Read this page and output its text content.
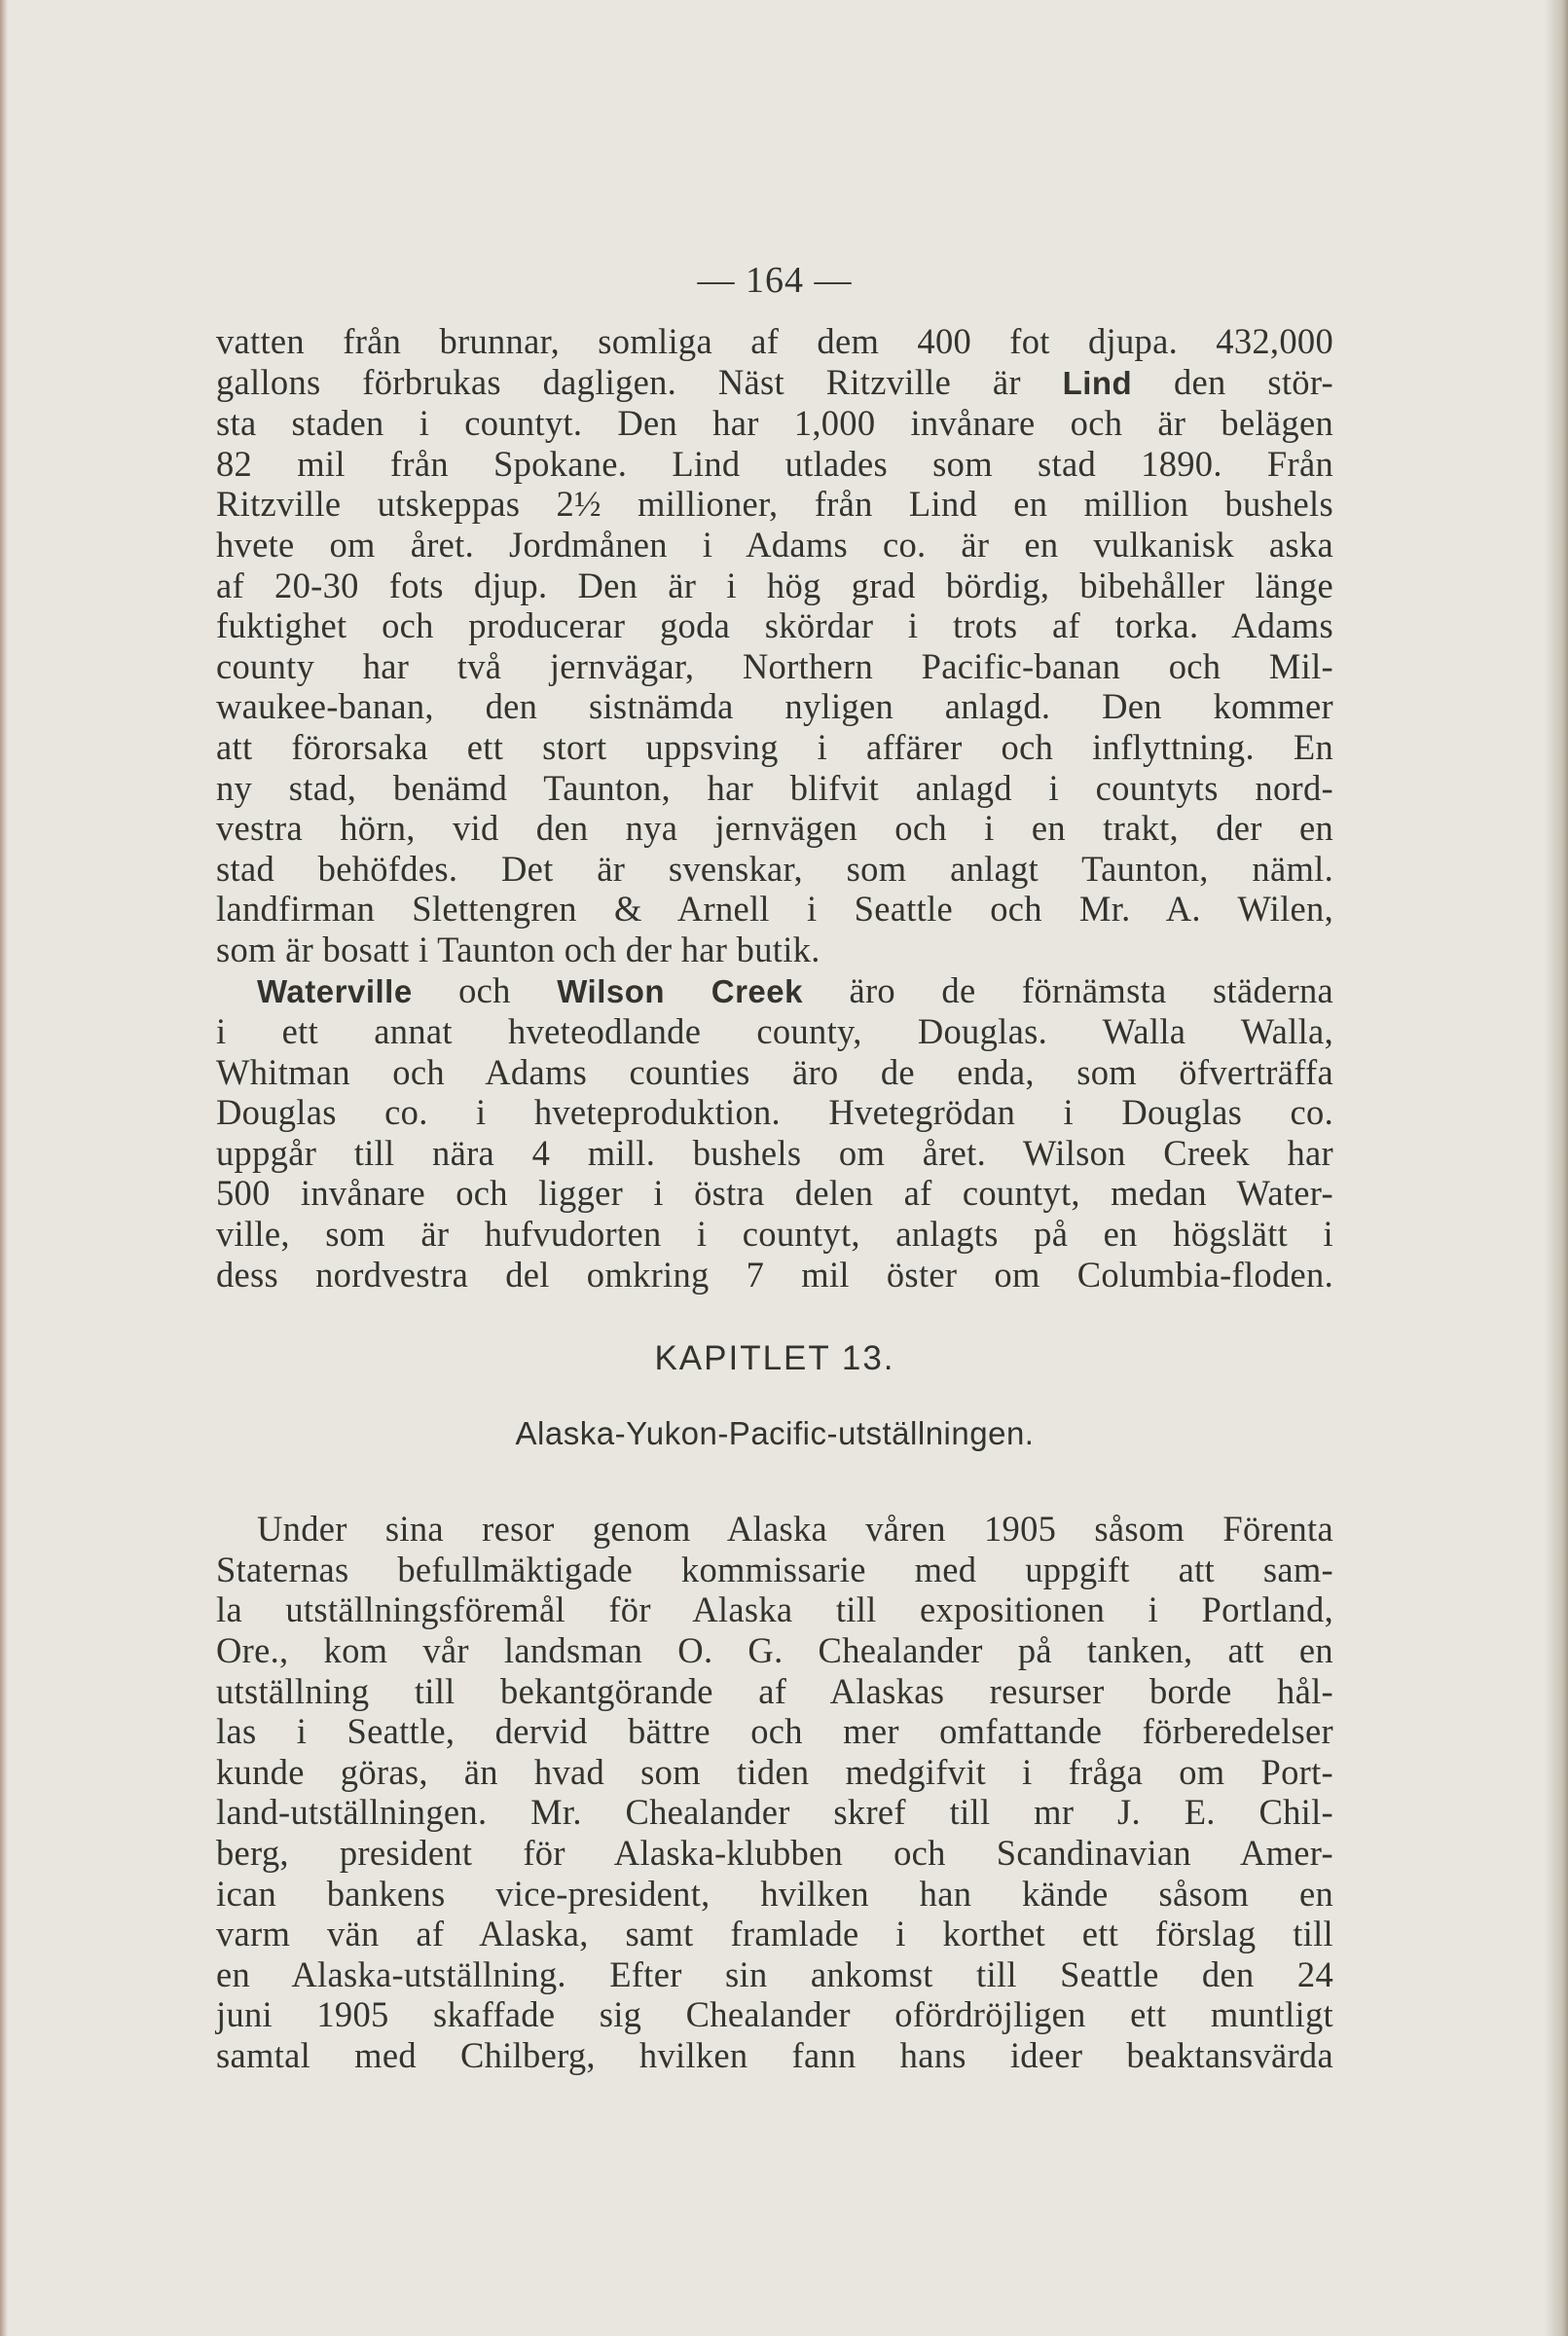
— 164 —
vatten från brunnar, somliga af dem 400 fot djupa. 432,000
gallons förbrukas dagligen. Näst Ritzville är Lind den stör-
sta staden i countyt. Den har 1,000 invånare och är belägen
82 mil från Spokane. Lind utlades som stad 1890. Från
Ritzville utskeppas 2½ millioner, från Lind en million bushels
hvete om året. Jordmånen i Adams co. är en vulkanisk aska
af 20-30 fots djup. Den är i hög grad bördig, bibehåller länge
fuktighet och producerar goda skördar i trots af torka. Adams
county har två jernvägar, Northern Pacific-banan och Mil-
waukee-banan, den sistnämda nyligen anlagd. Den kommer
att förorsaka ett stort uppsving i affärer och inflyttning. En
ny stad, benämd Taunton, har blifvit anlagd i countyts nord-
vestra hörn, vid den nya jernvägen och i en trakt, der en
stad behöfdes. Det är svenskar, som anlagt Taunton, näml.
landfirman Slettengren & Arnell i Seattle och Mr. A. Wilen,
som är bosatt i Taunton och der har butik.
Waterville och Wilson Creek äro de förnämsta städerna
i ett annat hveteodlande county, Douglas. Walla Walla,
Whitman och Adams counties äro de enda, som öfverträffa
Douglas co. i hveteproduktion. Hvetegrödan i Douglas co.
uppgår till nära 4 mill. bushels om året. Wilson Creek har
500 invånare och ligger i östra delen af countyt, medan Water-
ville, som är hufvudorten i countyt, anlagts på en högslätt i
dess nordvestra del omkring 7 mil öster om Columbia-floden.
KAPITLET 13.
Alaska-Yukon-Pacific-utställningen.
Under sina resor genom Alaska våren 1905 såsom Förenta
Staternas befullmäktigade kommissarie med uppgift att sam-
la utställningsföremål för Alaska till expositionen i Portland,
Ore., kom vår landsman O. G. Chealander på tanken, att en
utställning till bekantgörande af Alaskas resurser borde hål-
las i Seattle, dervid bättre och mer omfattande förberedelser
kunde göras, än hvad som tiden medgifvit i fråga om Port-
land-utställningen. Mr. Chealander skref till mr J. E. Chil-
berg, president för Alaska-klubben och Scandinavian Amer-
ican bankens vice-president, hvilken han kände såsom en
varm vän af Alaska, samt framlade i korthet ett förslag till
en Alaska-utställning. Efter sin ankomst till Seattle den 24
juni 1905 skaffade sig Chealander ofördröjligen ett muntligt
samtal med Chilberg, hvilken fann hans ideer beaktansvärda
